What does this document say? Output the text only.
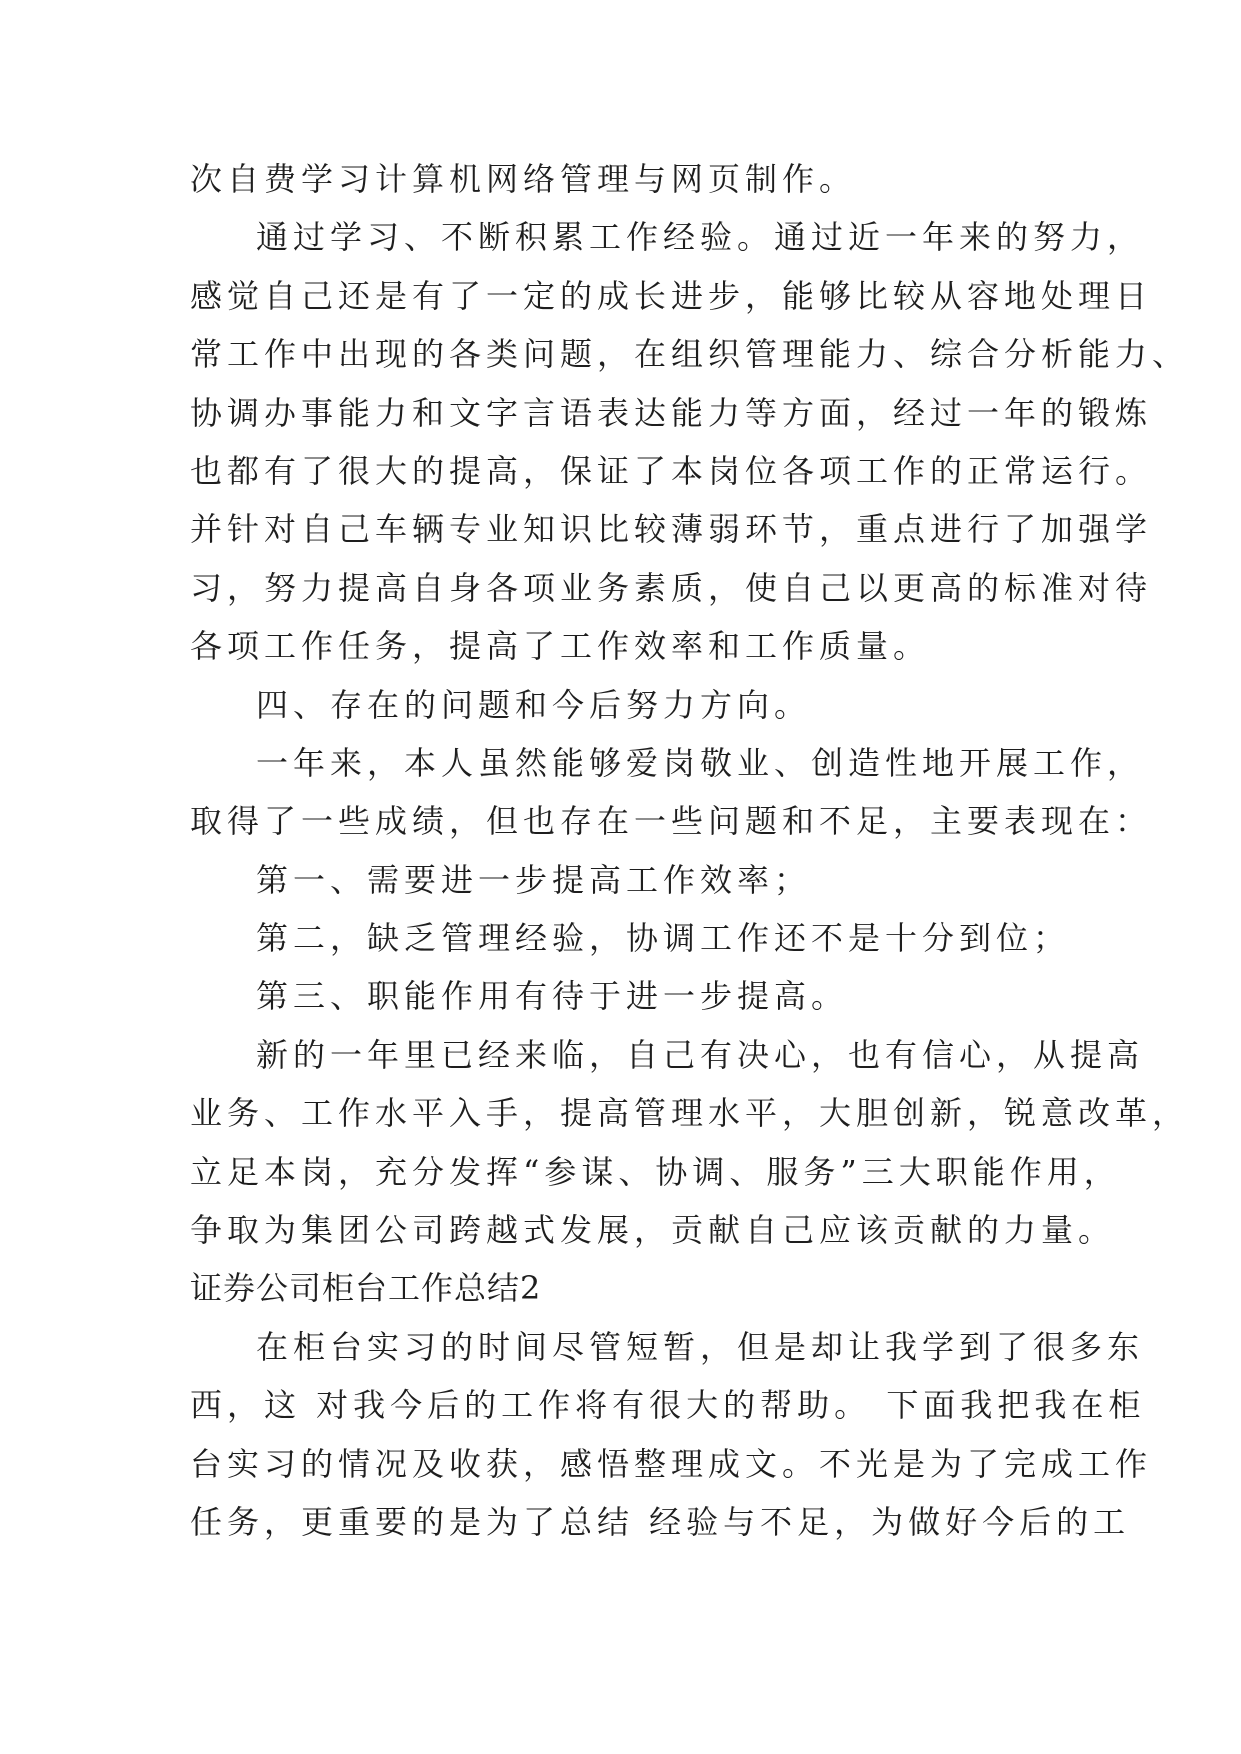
次自费学习计算机网络管理与网页制作。
通过学习、不断积累工作经验。通过近一年来的努力，
感觉自己还是有了一定的成长进步，能够比较从容地处理日
常工作中出现的各类问题，在组织管理能力、综合分析能力、
协调办事能力和文字言语表达能力等方面，经过一年的锻炼
也都有了很大的提高，保证了本岗位各项工作的正常运行。
并针对自己车辆专业知识比较薄弱环节，重点进行了加强学
习，努力提高自身各项业务素质，使自己以更高的标准对待
各项工作任务，提高了工作效率和工作质量。
四、存在的问题和今后努力方向。
一年来，本人虽然能够爱岗敬业、创造性地开展工作，
取得了一些成绩，但也存在一些问题和不足，主要表现在：
第一、需要进一步提高工作效率；
第二，缺乏管理经验，协调工作还不是十分到位；
第三、职能作用有待于进一步提高。
新的一年里已经来临，自己有决心，也有信心，从提高
业务、工作水平入手，提高管理水平，大胆创新，锐意改革，
立足本岗，充分发挥“参谋、协调、服务”三大职能作用，
争取为集团公司跨越式发展，贡献自己应该贡献的力量。
证券公司柜台工作总结2
在柜台实习的时间尽管短暂，但是却让我学到了很多东
西，这 对我今后的工作将有很大的帮助。 下面我把我在柜
台实习的情况及收获，感悟整理成文。不光是为了完成工作
任务，更重要的是为了总结 经验与不足，为做好今后的工
